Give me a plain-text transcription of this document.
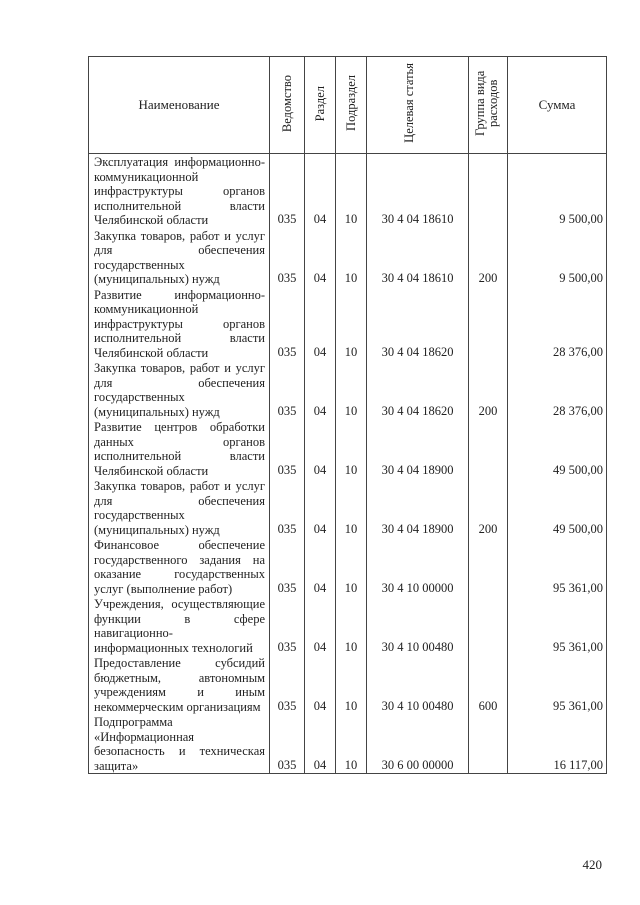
Наименование	Ведомство	Раздел	Подраздел	Целевая статья	Группа вида расходов	Сумма
Эксплуатация информационно-коммуникационной инфраструктуры органов исполнительной власти Челябинской области	035	04	10	30 4 04 18610		9 500,00
Закупка товаров, работ и услуг для обеспечения государственных (муниципальных) нужд	035	04	10	30 4 04 18610	200	9 500,00
Развитие информационно-коммуникационной инфраструктуры органов исполнительной власти Челябинской области	035	04	10	30 4 04 18620		28 376,00
Закупка товаров, работ и услуг для обеспечения государственных (муниципальных) нужд	035	04	10	30 4 04 18620	200	28 376,00
Развитие центров обработки данных органов исполнительной власти Челябинской области	035	04	10	30 4 04 18900		49 500,00
Закупка товаров, работ и услуг для обеспечения государственных (муниципальных) нужд	035	04	10	30 4 04 18900	200	49 500,00
Финансовое обеспечение государственного задания на оказание государственных услуг (выполнение работ)	035	04	10	30 4 10 00000		95 361,00
Учреждения, осуществляющие функции в сфере навигационно-информационных технологий	035	04	10	30 4 10 00480		95 361,00
Предоставление субсидий бюджетным, автономным учреждениям и иным некоммерческим организациям	035	04	10	30 4 10 00480	600	95 361,00
Подпрограмма «Информационная безопасность и техническая защита»	035	04	10	30 6 00 00000		16 117,00
420
